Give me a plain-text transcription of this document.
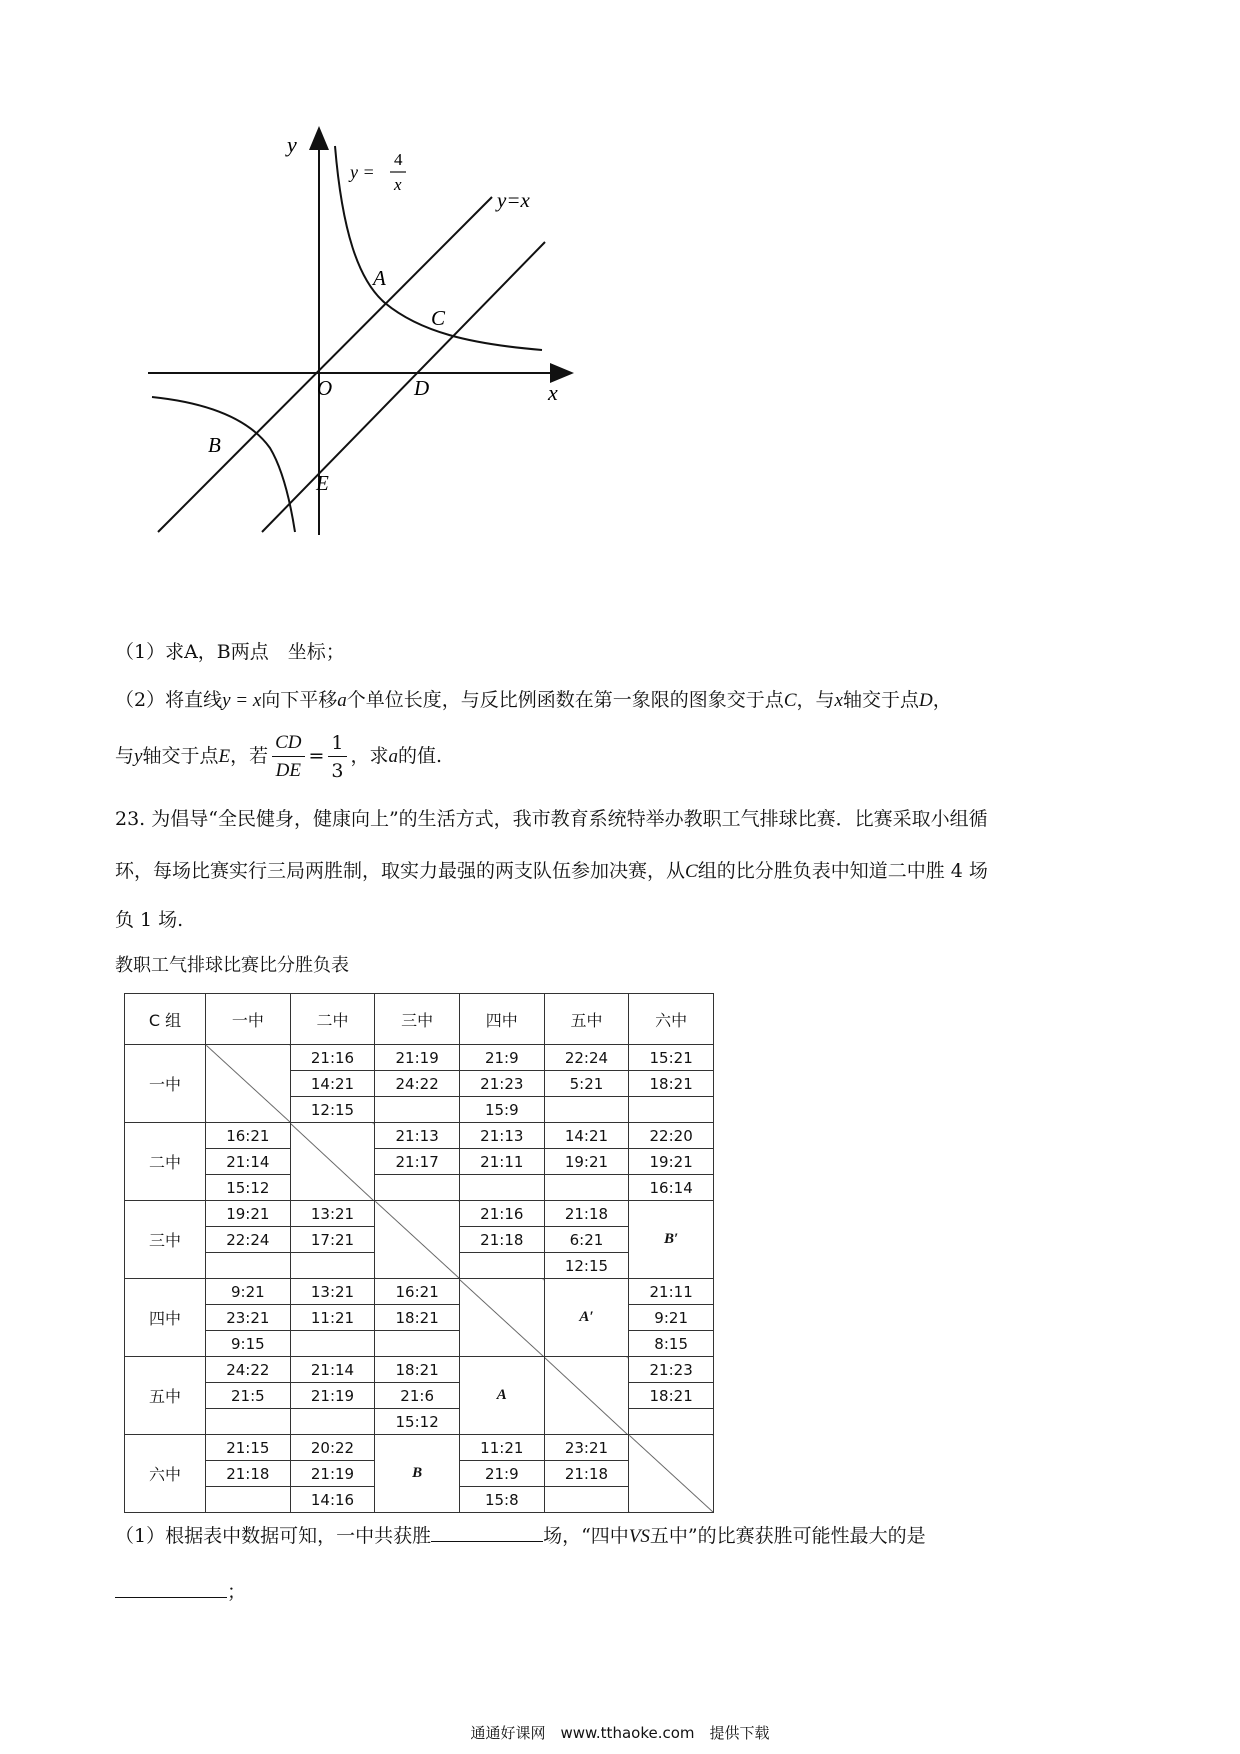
y
x
y =
4
x
y=x
A
C
O	D
B
E
（1）求A，B两点　坐标；
（2）将直线y = x向下平移a个单位长度，与反比例函数在第一象限的图象交于点C，与x轴交于点D，
与y轴交于点E，若 $\frac{CD}{DE} = \frac{1}{3}$ ，求a的值.
23. 为倡导“全民健身，健康向上”的生活方式，我市教育系统特举办教职工气排球比赛．比赛采取小组循
环，每场比赛实行三局两胜制，取实力最强的两支队伍参加决赛，从C组的比分胜负表中知道二中胜 4 场
负 1 场.
教职工气排球比赛比分胜负表
C 组	一中	二中	三中	四中	五中	六中
一中		21:16	21:19	21:9	22:24	15:21
		14:21	24:22	21:23	5:21	18:21
		12:15		15:9		
二中	16:21		21:13	21:13	14:21	22:20
	21:14		21:17	21:11	19:21	19:21
	15:12					16:14
三中	19:21	13:21		21:16	21:18	B′
	22:24	17:21		21:18	6:21	
					12:15	
四中	9:21	13:21	16:21		A′	21:11
	23:21	11:21	18:21			9:21
	9:15					8:15
五中	24:22	21:14	18:21	A		21:23
	21:5	21:19	21:6			18:21
			15:12			
六中	21:15	20:22	B	11:21	23:21	
	21:18	21:19		21:9	21:18	
		14:16		15:8		
（1）根据表中数据可知，一中共获胜	场，“四中VS五中”的比赛获胜可能性最大的是
；
通通好课网　www.tthaoke.com　提供下载
